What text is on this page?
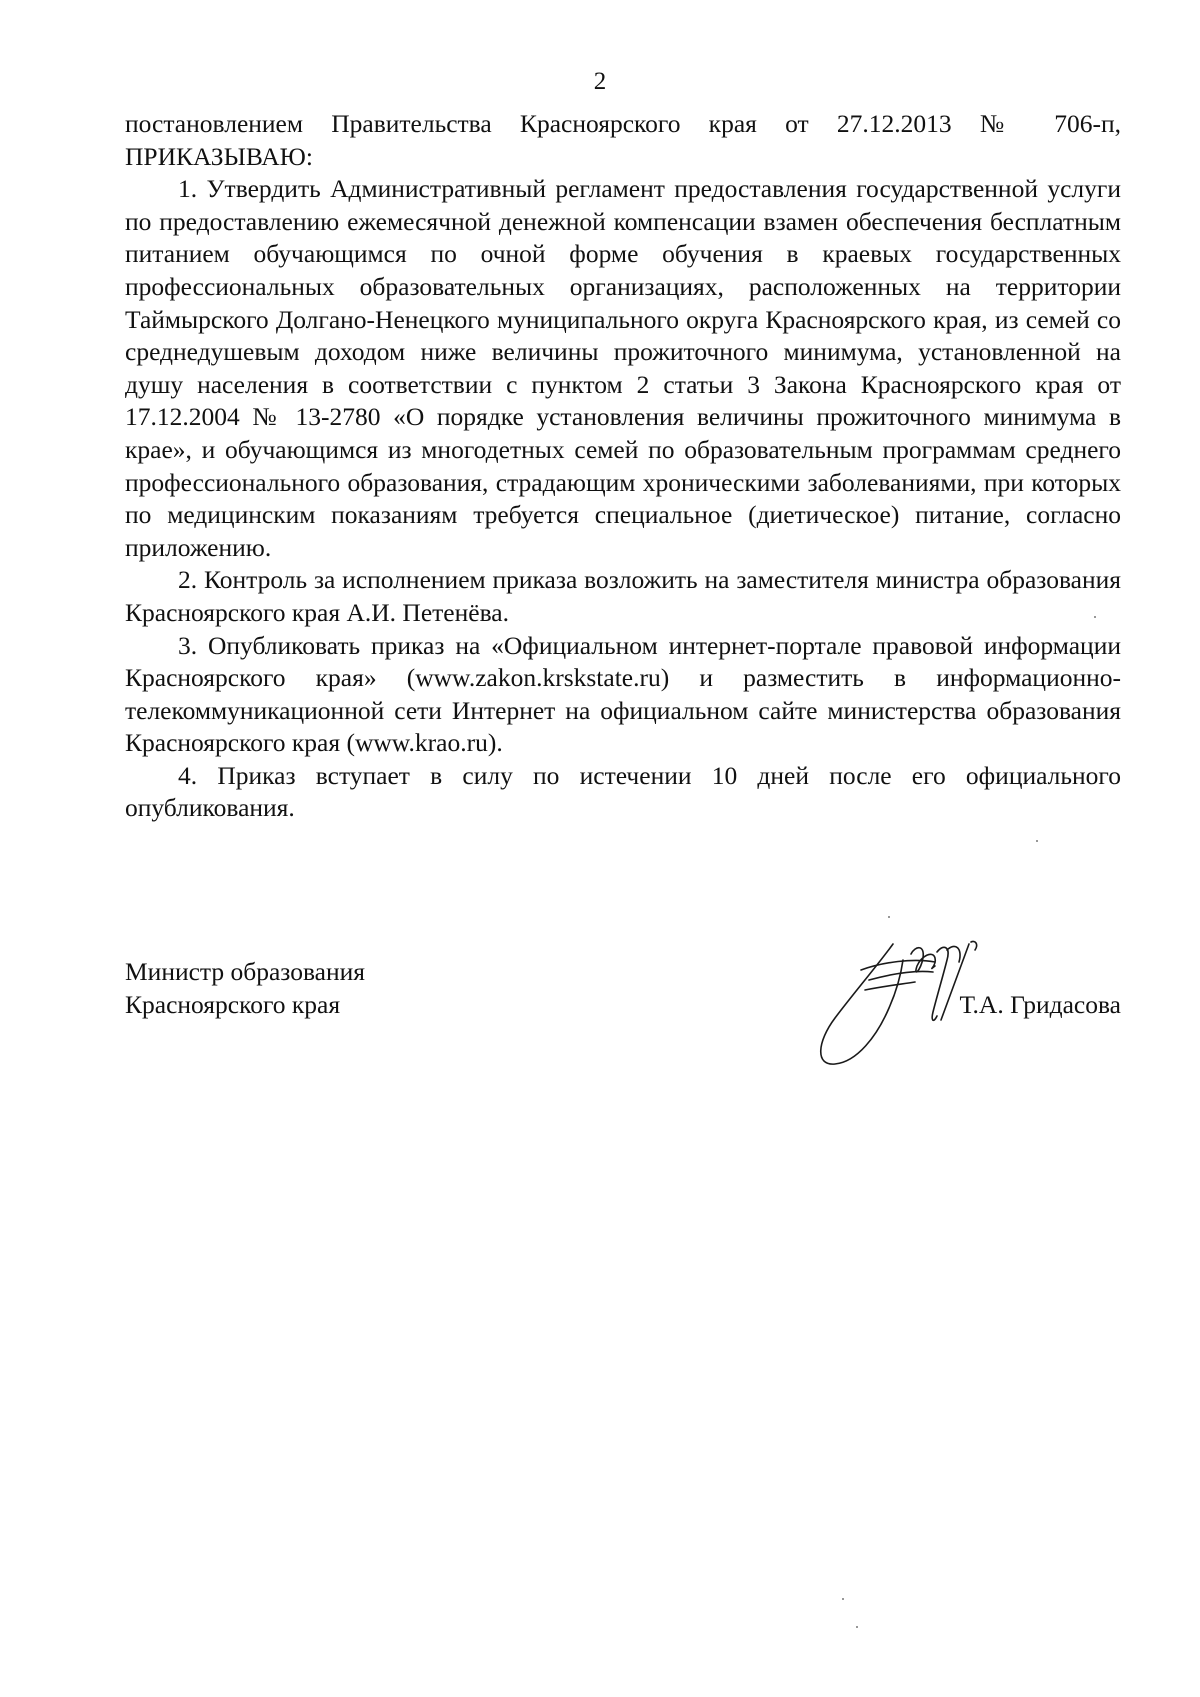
2

постановлением Правительства Красноярского края от 27.12.2013 № 706-п, ПРИКАЗЫВАЮ:

1. Утвердить Административный регламент предоставления государственной услуги по предоставлению ежемесячной денежной компенсации взамен обеспечения бесплатным питанием обучающимся по очной форме обучения в краевых государственных профессиональных образовательных организациях, расположенных на территории Таймырского Долгано-Ненецкого муниципального округа Красноярского края, из семей со среднедушевым доходом ниже величины прожиточного минимума, установленной на душу населения в соответствии с пунктом 2 статьи 3 Закона Красноярского края от 17.12.2004 № 13-2780 «О порядке установления величины прожиточного минимума в крае», и обучающимся из многодетных семей по образовательным программам среднего профессионального образования, страдающим хроническими заболеваниями, при которых по медицинским показаниям требуется специальное (диетическое) питание, согласно приложению.

2. Контроль за исполнением приказа возложить на заместителя министра образования Красноярского края А.И. Петенёва.

3. Опубликовать приказ на «Официальном интернет-портале правовой информации Красноярского края» (www.zakon.krskstate.ru) и разместить в информационно-телекоммуникационной сети Интернет на официальном сайте министерства образования Красноярского края (www.krao.ru).

4. Приказ вступает в силу по истечении 10 дней после его официального опубликования.

Министр образования
Красноярского края	Т.А. Гридасова
